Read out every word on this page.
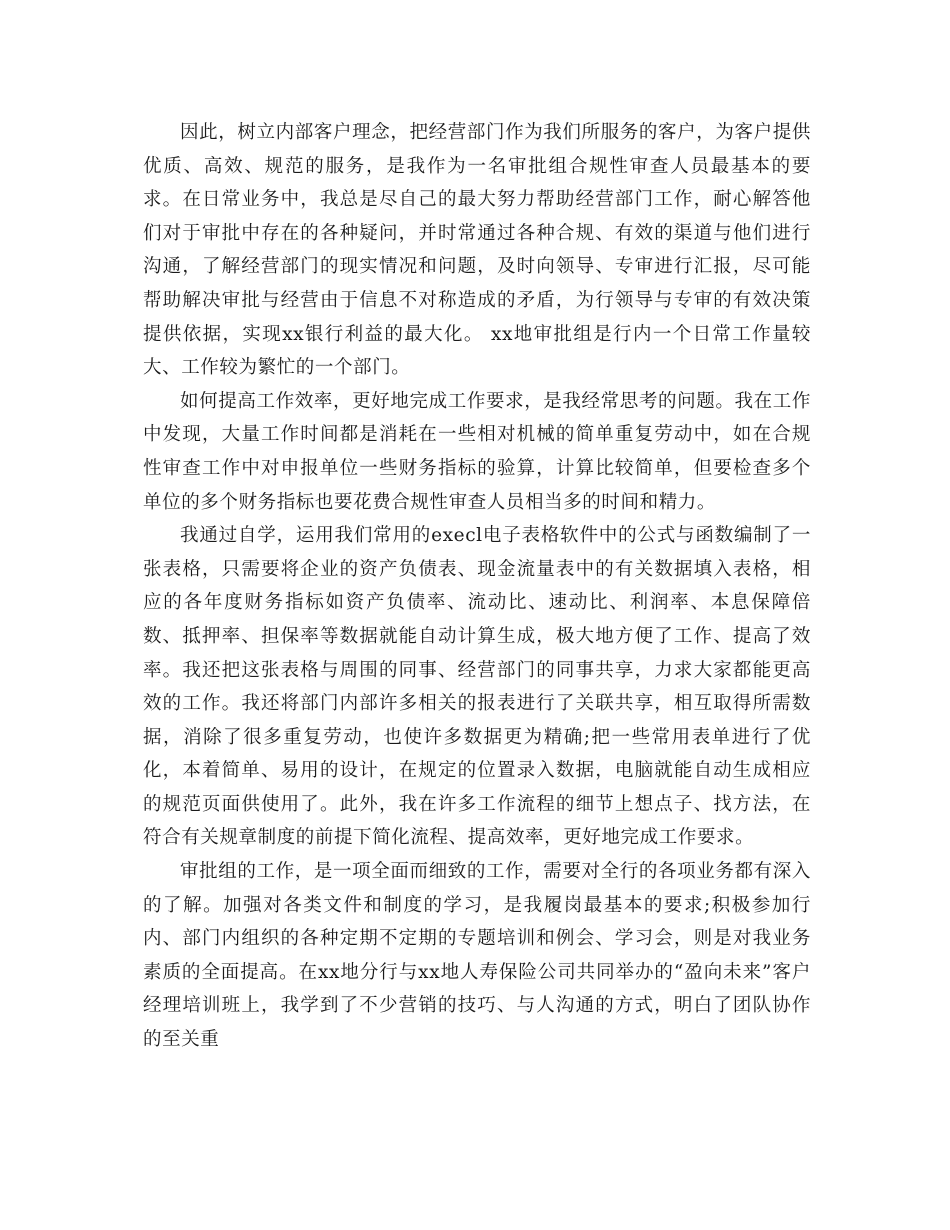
因此，树立内部客户理念，把经营部门作为我们所服务的客户，为客户提供优质、高效、规范的服务，是我作为一名审批组合规性审查人员最基本的要求。在日常业务中，我总是尽自己的最大努力帮助经营部门工作，耐心解答他们对于审批中存在的各种疑问，并时常通过各种合规、有效的渠道与他们进行沟通，了解经营部门的现实情况和问题，及时向领导、专审进行汇报，尽可能帮助解决审批与经营由于信息不对称造成的矛盾，为行领导与专审的有效决策提供依据，实现xx银行利益的最大化。 xx地审批组是行内一个日常工作量较大、工作较为繁忙的一个部门。

如何提高工作效率，更好地完成工作要求，是我经常思考的问题。我在工作中发现，大量工作时间都是消耗在一些相对机械的简单重复劳动中，如在合规性审查工作中对申报单位一些财务指标的验算，计算比较简单，但要检查多个单位的多个财务指标也要花费合规性审查人员相当多的时间和精力。

我通过自学，运用我们常用的execl电子表格软件中的公式与函数编制了一张表格，只需要将企业的资产负债表、现金流量表中的有关数据填入表格，相应的各年度财务指标如资产负债率、流动比、速动比、利润率、本息保障倍数、抵押率、担保率等数据就能自动计算生成，极大地方便了工作、提高了效率。我还把这张表格与周围的同事、经营部门的同事共享，力求大家都能更高效的工作。我还将部门内部许多相关的报表进行了关联共享，相互取得所需数据，消除了很多重复劳动，也使许多数据更为精确;把一些常用表单进行了优化，本着简单、易用的设计，在规定的位置录入数据，电脑就能自动生成相应的规范页面供使用了。此外，我在许多工作流程的细节上想点子、找方法，在符合有关规章制度的前提下简化流程、提高效率，更好地完成工作要求。

审批组的工作，是一项全面而细致的工作，需要对全行的各项业务都有深入的了解。加强对各类文件和制度的学习，是我履岗最基本的要求;积极参加行内、部门内组织的各种定期不定期的专题培训和例会、学习会，则是对我业务素质的全面提高。在xx地分行与xx地人寿保险公司共同举办的“盈向未来”客户经理培训班上，我学到了不少营销的技巧、与人沟通的方式，明白了团队协作的至关重
